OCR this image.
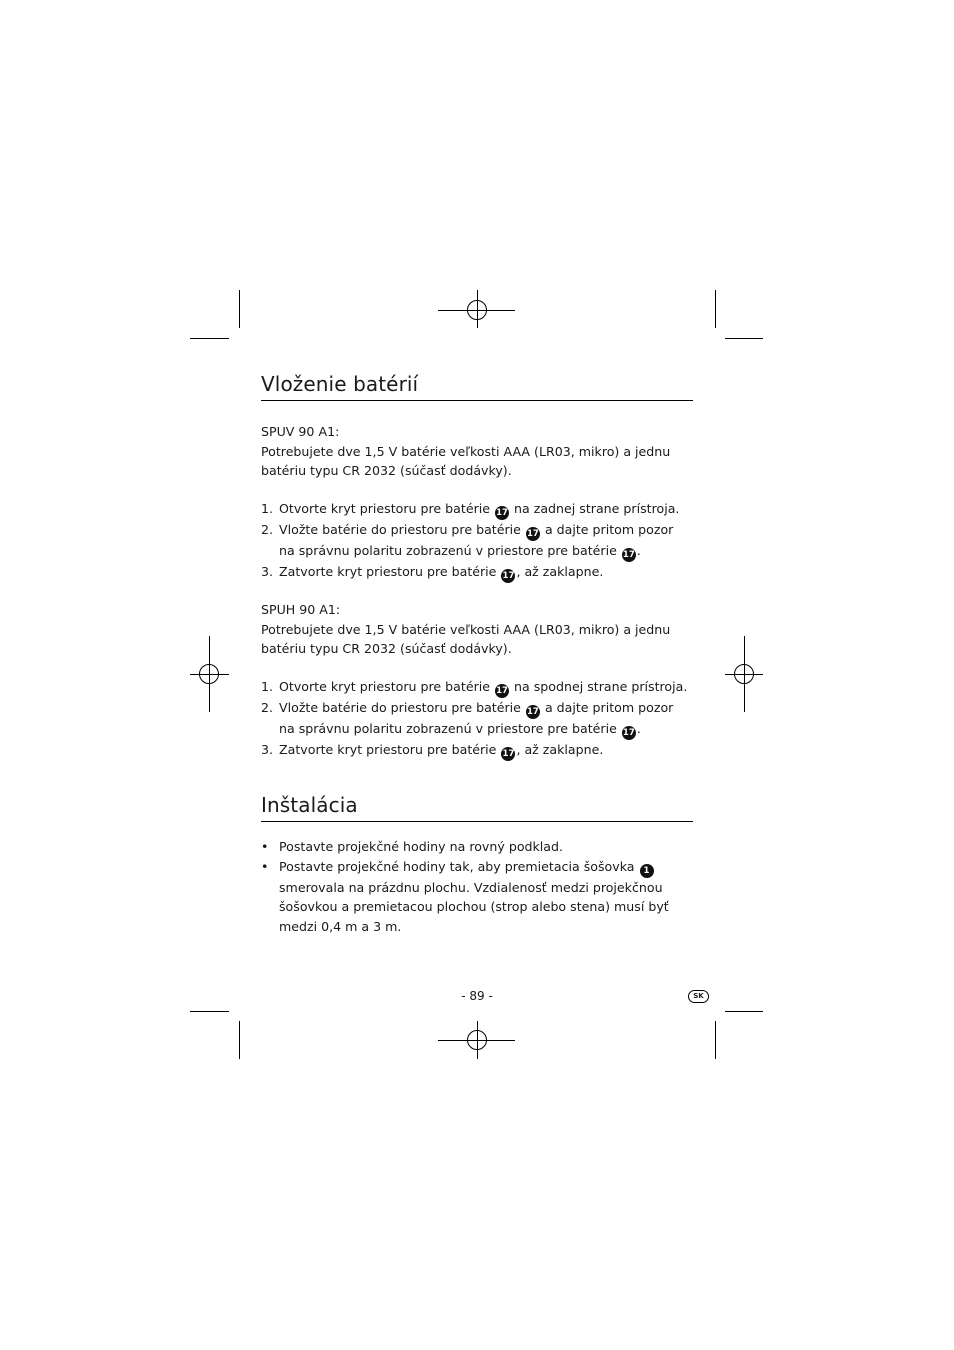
Vloženie batérií

SPUV 90 A1:

Potrebujete dve 1,5 V batérie veľkosti AAA (LR03, mikro) a jednu batériu typu CR 2032 (súčasť dodávky).

1. Otvorte kryt priestoru pre batérie 17 na zadnej strane prístroja.
2. Vložte batérie do priestoru pre batérie 17 a dajte pritom pozor na správnu polaritu zobrazenú v priestore pre batérie 17 .
3. Zatvorte kryt priestoru pre batérie 17 , až zaklapne.

SPUH 90 A1:

Potrebujete dve 1,5 V batérie veľkosti AAA (LR03, mikro) a jednu batériu typu CR 2032 (súčasť dodávky).

1. Otvorte kryt priestoru pre batérie 17 na spodnej strane prístroja.
2. Vložte batérie do priestoru pre batérie 17 a dajte pritom pozor na správnu polaritu zobrazenú v priestore pre batérie 17 .
3. Zatvorte kryt priestoru pre batérie 17 , až zaklapne.
Inštalácia
• Postavte projekčné hodiny na rovný podklad.
• Postavte projekčné hodiny tak, aby premietacia šošovka 1 smerovala na prázdnu plochu. Vzdialenosť medzi projekčnou šošovkou a premietacou plochou (strop alebo stena) musí byť medzi 0,4 m a 3 m.
- 89 -	SK
